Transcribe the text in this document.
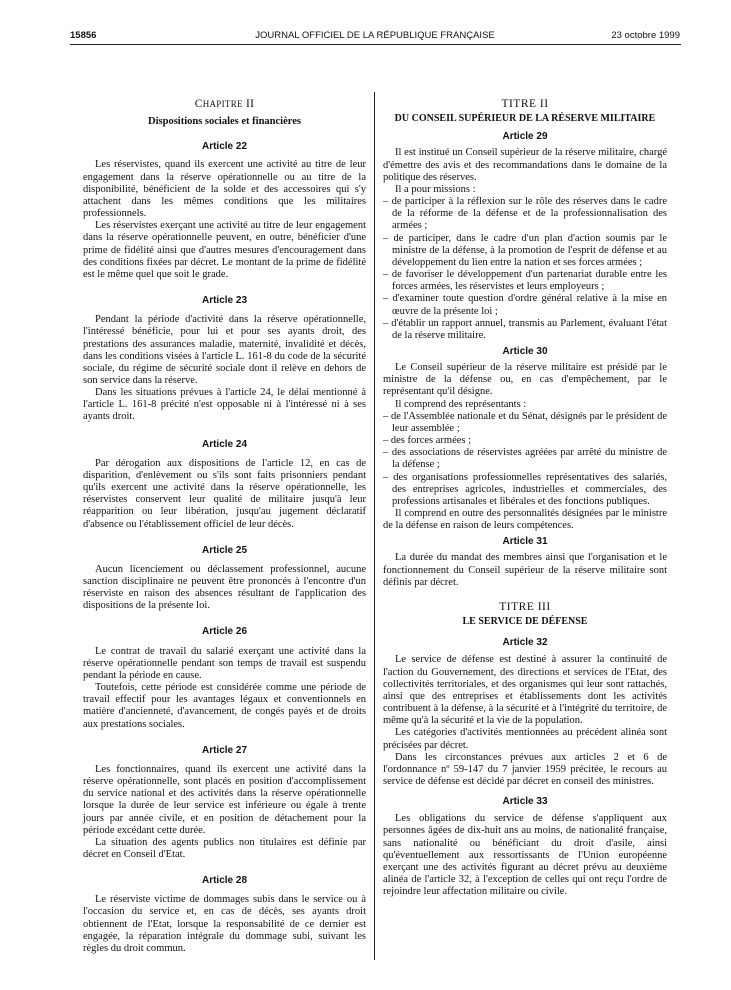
15856	JOURNAL OFFICIEL DE LA RÉPUBLIQUE FRANÇAISE	23 octobre 1999
CHAPITRE II
Dispositions sociales et financières
Article 22

Les réservistes, quand ils exercent une activité au titre de leur engagement dans la réserve opérationnelle ou au titre de la disponibilité, bénéficient de la solde et des accessoires qui s'y attachent dans les mêmes conditions que les militaires professionnels.

Les réservistes exerçant une activité au titre de leur engagement dans la réserve opérationnelle peuvent, en outre, bénéficier d'une prime de fidélité ainsi que d'autres mesures d'encouragement dans des conditions fixées par décret. Le montant de la prime de fidélité est le même quel que soit le grade.

Article 23

Pendant la période d'activité dans la réserve opérationnelle, l'intéressé bénéficie, pour lui et pour ses ayants droit, des prestations des assurances maladie, maternité, invalidité et décès, dans les conditions visées à l'article L. 161-8 du code de la sécurité sociale, du régime de sécurité sociale dont il relève en dehors de son service dans la réserve.

Dans les situations prévues à l'article 24, le délai mentionné à l'article L. 161-8 précité n'est opposable ni à l'intéressé ni à ses ayants droit.

Article 24

Par dérogation aux dispositions de l'article 12, en cas de disparition, d'enlèvement ou s'ils sont faits prisonniers pendant qu'ils exercent une activité dans la réserve opérationnelle, les réservistes conservent leur qualité de militaire jusqu'à leur réapparition ou leur libération, jusqu'au jugement déclaratif d'absence ou l'établissement officiel de leur décès.

Article 25

Aucun licenciement ou déclassement professionnel, aucune sanction disciplinaire ne peuvent être prononcés à l'encontre d'un réserviste en raison des absences résultant de l'application des dispositions de la présente loi.

Article 26

Le contrat de travail du salarié exerçant une activité dans la réserve opérationnelle pendant son temps de travail est suspendu pendant la période en cause.

Toutefois, cette période est considérée comme une période de travail effectif pour les avantages légaux et conventionnels en matière d'ancienneté, d'avancement, de congés payés et de droits aux prestations sociales.

Article 27

Les fonctionnaires, quand ils exercent une activité dans la réserve opérationnelle, sont placés en position d'accomplissement du service national et des activités dans la réserve opérationnelle lorsque la durée de leur service est inférieure ou égale à trente jours par année civile, et en position de détachement pour la période excédant cette durée.

La situation des agents publics non titulaires est définie par décret en Conseil d'Etat.

Article 28

Le réserviste victime de dommages subis dans le service ou à l'occasion du service et, en cas de décès, ses ayants droit obtiennent de l'Etat, lorsque la responsabilité de ce dernier est engagée, la réparation intégrale du dommage subi, suivant les règles du droit commun.

TITRE II
DU CONSEIL SUPÉRIEUR DE LA RÉSERVE MILITAIRE
Article 29

Il est institué un Conseil supérieur de la réserve militaire, chargé d'émettre des avis et des recommandations dans le domaine de la politique des réserves.

Il a pour missions :

– de participer à la réflexion sur le rôle des réserves dans le cadre de la réforme de la défense et de la professionnalisation des armées ;
– de participer, dans le cadre d'un plan d'action soumis par le ministre de la défense, à la promotion de l'esprit de défense et au développement du lien entre la nation et ses forces armées ;
– de favoriser le développement d'un partenariat durable entre les forces armées, les réservistes et leurs employeurs ;
– d'examiner toute question d'ordre général relative à la mise en œuvre de la présente loi ;
– d'établir un rapport annuel, transmis au Parlement, évaluant l'état de la réserve militaire.
Article 30

Le Conseil supérieur de la réserve militaire est présidé par le ministre de la défense ou, en cas d'empêchement, par le représentant qu'il désigne.

Il comprend des représentants :

– de l'Assemblée nationale et du Sénat, désignés par le président de leur assemblée ;
– des forces armées ;
– des associations de réservistes agréées par arrêté du ministre de la défense ;
– des organisations professionnelles représentatives des salariés, des entreprises agricoles, industrielles et commerciales, des professions artisanales et libérales et des fonctions publiques.

Il comprend en outre des personnalités désignées par le ministre de la défense en raison de leurs compétences.

Article 31

La durée du mandat des membres ainsi que l'organisation et le fonctionnement du Conseil supérieur de la réserve militaire sont définis par décret.

TITRE III
LE SERVICE DE DÉFENSE
Article 32

Le service de défense est destiné à assurer la continuité de l'action du Gouvernement, des directions et services de l'Etat, des collectivités territoriales, et des organismes qui leur sont rattachés, ainsi que des entreprises et établissements dont les activités contribuent à la défense, à la sécurité et à l'intégrité du territoire, de même qu'à la sécurité et la vie de la population.

Les catégories d'activités mentionnées au précédent alinéa sont précisées par décret.

Dans les circonstances prévues aux articles 2 et 6 de l'ordonnance nº 59-147 du 7 janvier 1959 précitée, le recours au service de défense est décidé par décret en conseil des ministres.

Article 33

Les obligations du service de défense s'appliquent aux personnes âgées de dix-huit ans au moins, de nationalité française, sans nationalité ou bénéficiant du droit d'asile, ainsi qu'éventuellement aux ressortissants de l'Union européenne exerçant une des activités figurant au décret prévu au deuxième alinéa de l'article 32, à l'exception de celles qui ont reçu l'ordre de rejoindre leur affectation militaire ou civile.
